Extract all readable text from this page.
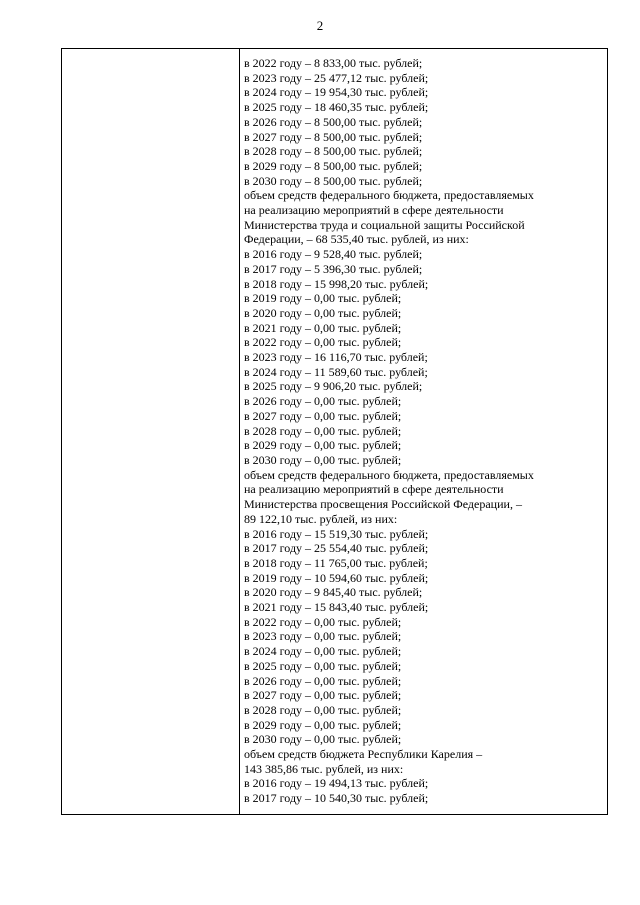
2
в 2022 году – 8 833,00 тыс. рублей;
в 2023 году – 25 477,12 тыс. рублей;
в 2024 году – 19 954,30 тыс. рублей;
в 2025 году – 18 460,35 тыс. рублей;
в 2026 году – 8 500,00 тыс. рублей;
в 2027 году – 8 500,00 тыс. рублей;
в 2028 году – 8 500,00 тыс. рублей;
в 2029 году – 8 500,00 тыс. рублей;
в 2030 году – 8 500,00 тыс. рублей;
объем средств федерального бюджета, предоставляемых
на реализацию мероприятий в сфере деятельности
Министерства труда и социальной защиты Российской
Федерации, – 68 535,40 тыс. рублей, из них:
в 2016 году – 9 528,40 тыс. рублей;
в 2017 году – 5 396,30 тыс. рублей;
в 2018 году – 15 998,20 тыс. рублей;
в 2019 году – 0,00 тыс. рублей;
в 2020 году – 0,00 тыс. рублей;
в 2021 году – 0,00 тыс. рублей;
в 2022 году – 0,00 тыс. рублей;
в 2023 году – 16 116,70 тыс. рублей;
в 2024 году – 11 589,60 тыс. рублей;
в 2025 году – 9 906,20 тыс. рублей;
в 2026 году – 0,00 тыс. рублей;
в 2027 году – 0,00 тыс. рублей;
в 2028 году – 0,00 тыс. рублей;
в 2029 году – 0,00 тыс. рублей;
в 2030 году – 0,00 тыс. рублей;
объем средств федерального бюджета, предоставляемых
на реализацию мероприятий в сфере деятельности
Министерства просвещения Российской Федерации, –
89 122,10 тыс. рублей, из них:
в 2016 году – 15 519,30 тыс. рублей;
в 2017 году – 25 554,40 тыс. рублей;
в 2018 году – 11 765,00 тыс. рублей;
в 2019 году – 10 594,60 тыс. рублей;
в 2020 году – 9 845,40 тыс. рублей;
в 2021 году – 15 843,40 тыс. рублей;
в 2022 году – 0,00 тыс. рублей;
в 2023 году – 0,00 тыс. рублей;
в 2024 году – 0,00 тыс. рублей;
в 2025 году – 0,00 тыс. рублей;
в 2026 году – 0,00 тыс. рублей;
в 2027 году – 0,00 тыс. рублей;
в 2028 году – 0,00 тыс. рублей;
в 2029 году – 0,00 тыс. рублей;
в 2030 году – 0,00 тыс. рублей;
объем средств бюджета Республики Карелия –
143 385,86 тыс. рублей, из них:
в 2016 году – 19 494,13 тыс. рублей;
в 2017 году – 10 540,30 тыс. рублей;
